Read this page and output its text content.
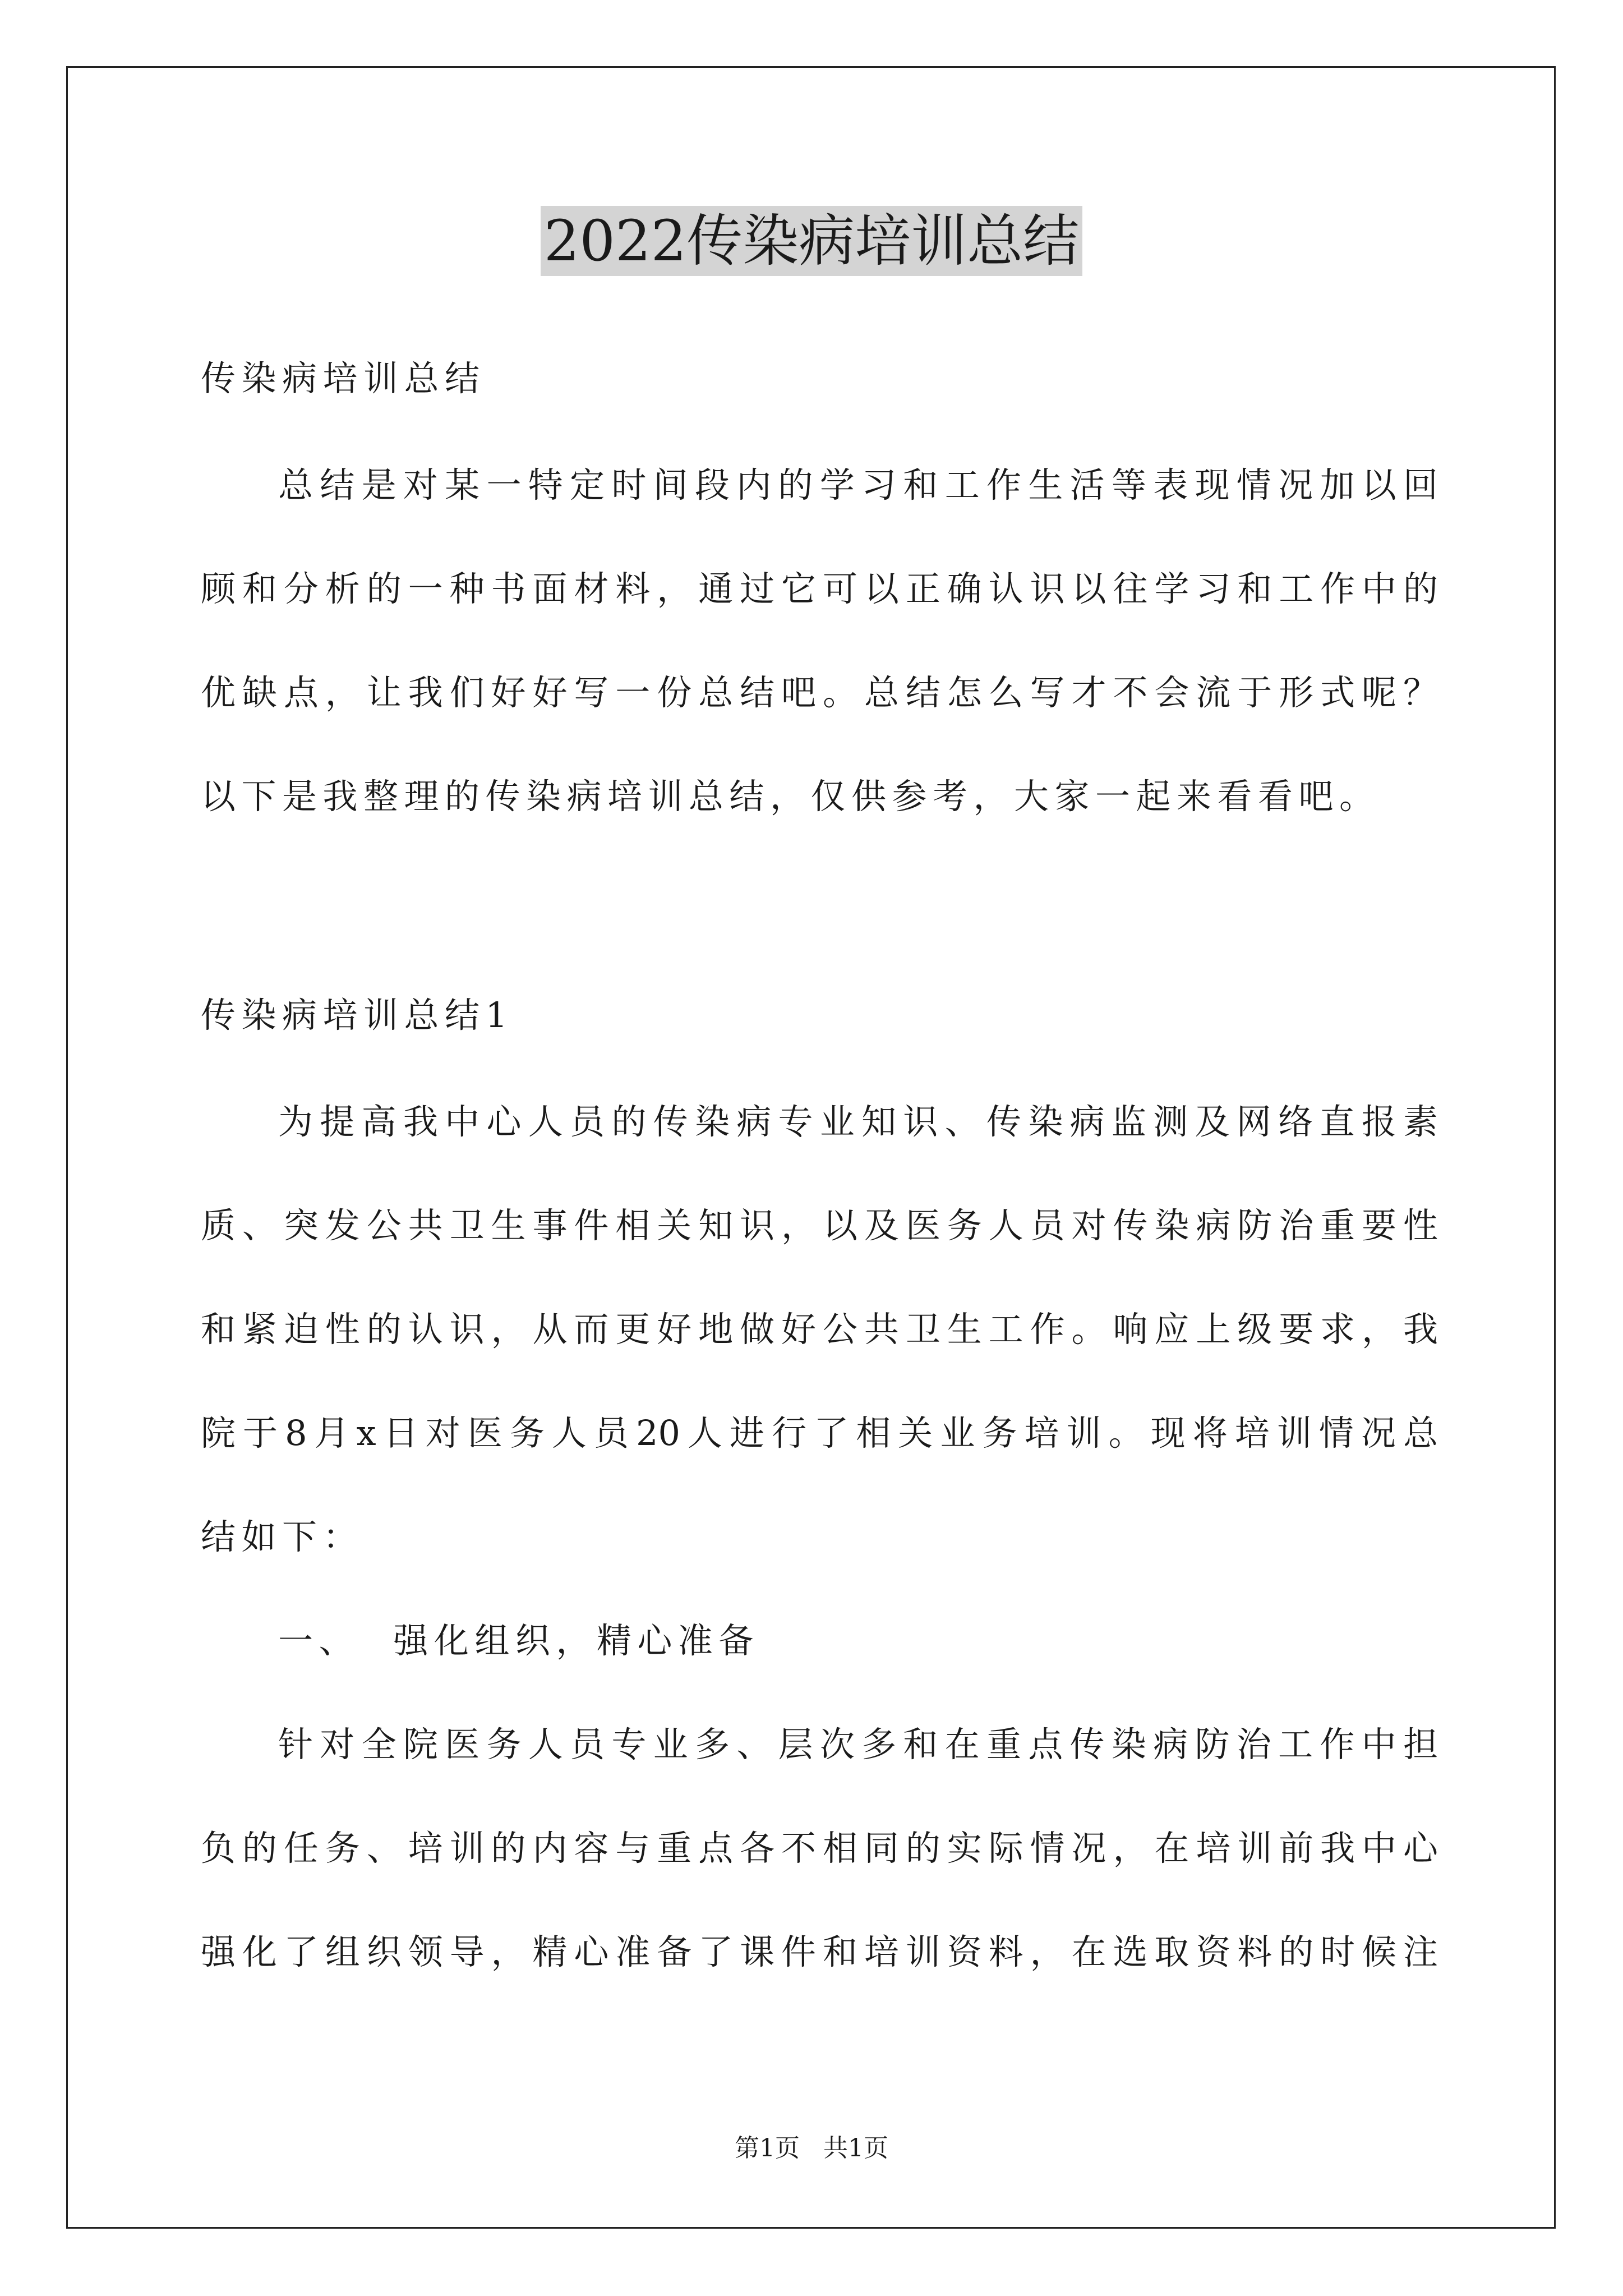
2022传染病培训总结
传染病培训总结
总结是对某一特定时间段内的学习和工作生活等表现情况加以回
顾和分析的一种书面材料，通过它可以正确认识以往学习和工作中的
优缺点，让我们好好写一份总结吧。总结怎么写才不会流于形式呢？
以下是我整理的传染病培训总结，仅供参考，大家一起来看看吧。
传染病培训总结1
为提高我中心人员的传染病专业知识、传染病监测及网络直报素
质、突发公共卫生事件相关知识，以及医务人员对传染病防治重要性
和紧迫性的认识，从而更好地做好公共卫生工作。响应上级要求，我
院于8月x日对医务人员20人进行了相关业务培训。现将培训情况总
结如下：
一、  强化组织，精心准备
针对全院医务人员专业多、层次多和在重点传染病防治工作中担
负的任务、培训的内容与重点各不相同的实际情况，在培训前我中心
强化了组织领导，精心准备了课件和培训资料，在选取资料的时候注
第1页   共1页
